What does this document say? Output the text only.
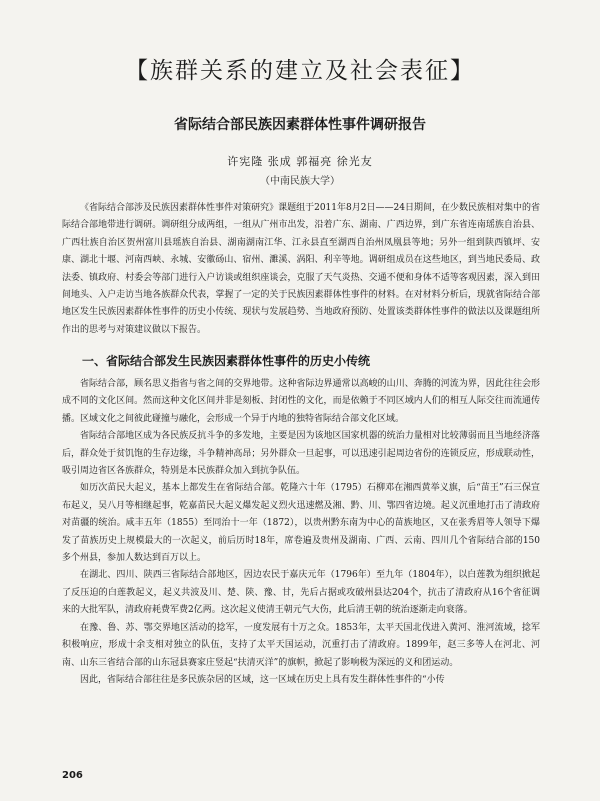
【族群关系的建立及社会表征】
省际结合部民族因素群体性事件调研报告
许宪隆 张成 郭福亮 徐光友
（中南民族大学）

《省际结合部涉及民族因素群体性事件对策研究》课题组于2011年8月2日——24日期间，在少数民族相对集中的省际结合部地带进行调研。调研组分成两组，一组从广州市出发，沿着广东、湖南、广西边界，到广东省连南瑶族自治县、广西壮族自治区贺州富川县瑶族自治县、湖南湖南江华、江永县直至湖西自治州凤凰县等地；另外一组到陕西镇坪、安康、湖北十堰、河南西峡、永城、安徽砀山、宿州、濉溪、涡阳、利辛等地。调研组成员在这些地区，到当地民委局、政法委、镇政府、村委会等部门进行入户访谈或组织座谈会，克服了天气炎热、交通不便和身体不适等客观因素，深入到田间地头、入户走访当地各族群众代表，掌握了一定的关于民族因素群体性事件的材料。在对材料分析后，现就省际结合部地区发生民族因素群体性事件的历史小传统、现状与发展趋势、当地政府预防、处置该类群体性事件的做法以及课题组所作出的思考与对策建议做以下报告。

一、省际结合部发生民族因素群体性事件的历史小传统

省际结合部，顾名思义指省与省之间的交界地带。这种省际边界通常以高峻的山川、奔腾的河流为界，因此往往会形成不同的文化区间。然而这种文化区间并非是刻板、封闭性的文化，而是依赖于不同区域内人们的相互人际交往而流通传播。区域文化之间彼此碰撞与融化，会形成一个异于内地的独特省际结合部文化区域。

省际结合部地区成为各民族反抗斗争的多发地，主要是因为该地区国家机器的统治力量相对比较薄弱而且当地经济落后，群众处于贫饥饱的生存边缘，斗争精神高昂；另外群众一旦起事，可以迅速引起周边省份的连锁反应，形成联动性，吸引周边省区各族群众，特别是本民族群众加入到抗争队伍。

如历次苗民大起义，基本上都发生在省际结合部。乾隆六十年（1795）石柳邓在湘西黄举义旗，后“苗王”石三保宣布起义，吴八月等相继起事，乾嘉苗民大起义爆发起义烈火迅速燃及湘、黔、川、鄂四省边境。起义沉重地打击了清政府对苗疆的统治。咸丰五年（1855）至同治十一年（1872），以贵州黔东南为中心的苗族地区，又在张秀眉等人领导下爆发了苗族历史上规模最大的一次起义，前后历时18年，席卷遍及贵州及湖南、广西、云南、四川几个省际结合部的150多个州县，参加人数达到百万以上。

在湖北、四川、陕西三省际结合部地区，因边农民于嘉庆元年（1796年）至九年（1804年），以白莲教为组织掀起了反压迫的白莲教起义，起义共波及川、楚、陕、豫、甘，先后占据或攻破州县达204个，抗击了清政府从16个省征调来的大批军队，清政府耗费军费2亿两。这次起义使清王朝元气大伤，此后清王朝的统治逐渐走向衰落。

在豫、鲁、苏、鄂交界地区活动的捻军，一度发展有十万之众。1853年，太平天国北伐进入黄河、淮河流域，捻军积极响应，形成十余支相对独立的队伍，支持了太平天国运动，沉重打击了清政府。1899年，赵三多等人在河北、河南、山东三省结合部的山东冠县赛家庄竖起“扶清灭洋”的旗帜，掀起了影响极为深远的义和团运动。

因此，省际结合部往往是多民族杂居的区域，这一区域在历史上具有发生群体性事件的“小传

206
